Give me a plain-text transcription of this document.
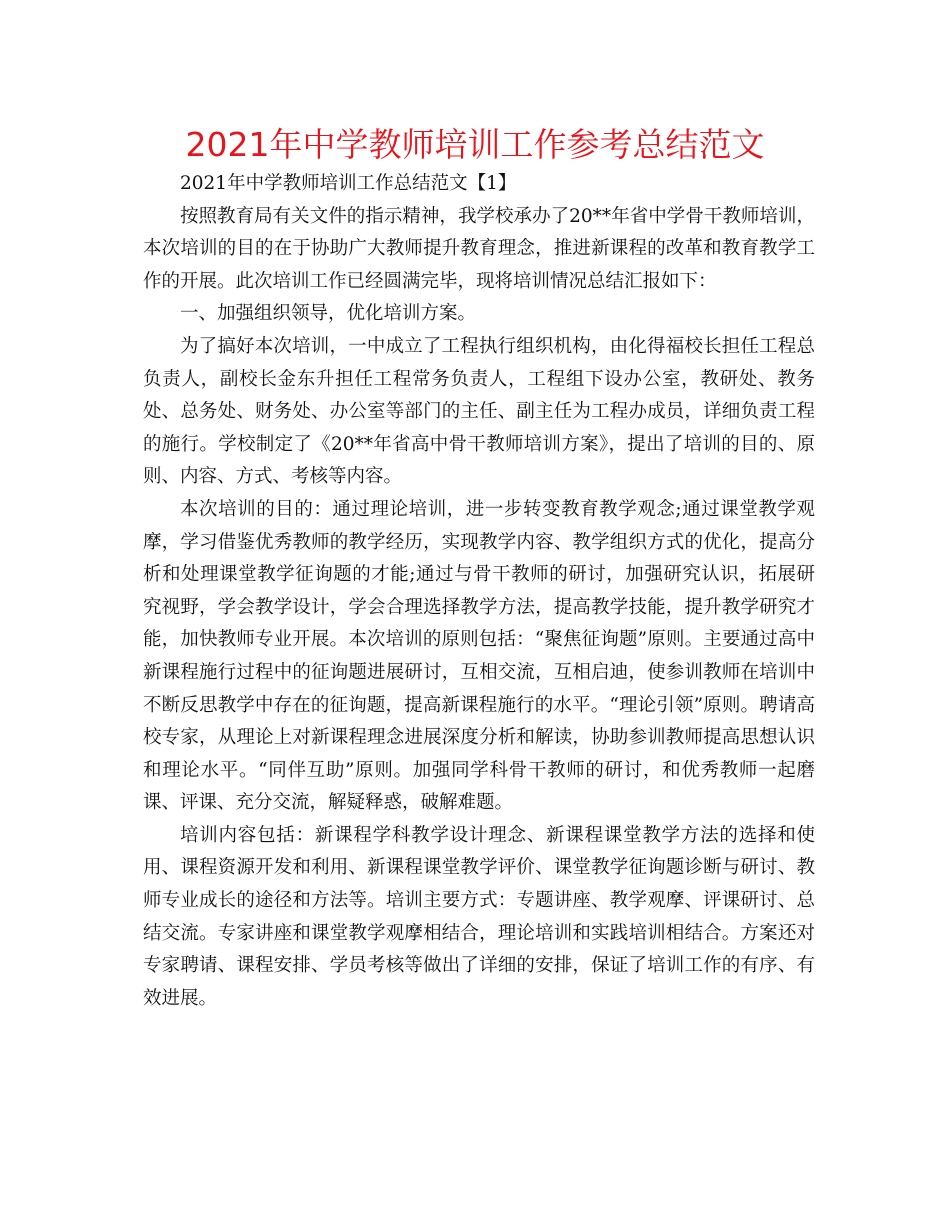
2021年中学教师培训工作参考总结范文

2021年中学教师培训工作总结范文【1】

按照教育局有关文件的指示精神，我学校承办了20**年省中学骨干教师培训，本次培训的目的在于协助广大教师提升教育理念，推进新课程的改革和教育教学工作的开展。此次培训工作已经圆满完毕，现将培训情况总结汇报如下：

一、加强组织领导，优化培训方案。

为了搞好本次培训，一中成立了工程执行组织机构，由化得福校长担任工程总负责人，副校长金东升担任工程常务负责人，工程组下设办公室，教研处、教务处、总务处、财务处、办公室等部门的主任、副主任为工程办成员，详细负责工程的施行。学校制定了《20**年省高中骨干教师培训方案》，提出了培训的目的、原则、内容、方式、考核等内容。

本次培训的目的：通过理论培训，进一步转变教育教学观念;通过课堂教学观摩，学习借鉴优秀教师的教学经历，实现教学内容、教学组织方式的优化，提高分析和处理课堂教学征询题的才能;通过与骨干教师的研讨，加强研究认识，拓展研究视野，学会教学设计，学会合理选择教学方法，提高教学技能，提升教学研究才能，加快教师专业开展。本次培训的原则包括：“聚焦征询题”原则。主要通过高中新课程施行过程中的征询题进展研讨，互相交流，互相启迪，使参训教师在培训中不断反思教学中存在的征询题，提高新课程施行的水平。“理论引领”原则。聘请高校专家，从理论上对新课程理念进展深度分析和解读，协助参训教师提高思想认识和理论水平。“同伴互助”原则。加强同学科骨干教师的研讨，和优秀教师一起磨课、评课、充分交流，解疑释惑，破解难题。

培训内容包括：新课程学科教学设计理念、新课程课堂教学方法的选择和使用、课程资源开发和利用、新课程课堂教学评价、课堂教学征询题诊断与研讨、教师专业成长的途径和方法等。培训主要方式：专题讲座、教学观摩、评课研讨、总结交流。专家讲座和课堂教学观摩相结合，理论培训和实践培训相结合。方案还对专家聘请、课程安排、学员考核等做出了详细的安排，保证了培训工作的有序、有效进展。
